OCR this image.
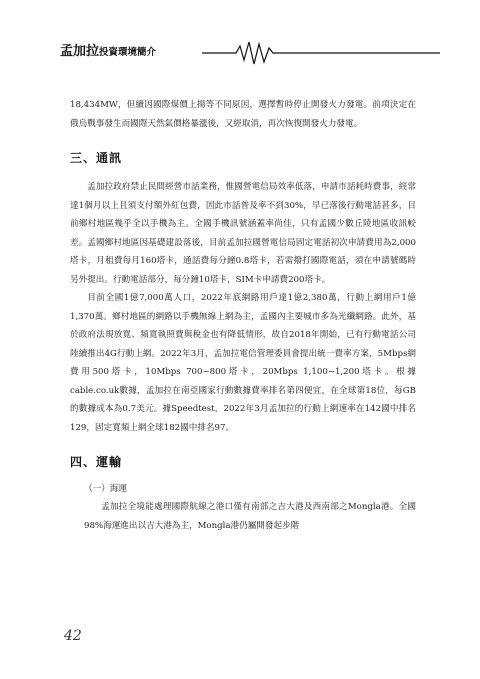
孟加拉投資環境簡介

18,434MW，但續因國際煤價上揚等不同原因，選擇暫時停止開發火力發電。前項決定在俄烏戰事發生而國際天然氣價格暴漲後，又經取消，再次恢復開發火力發電。

三、通訊

孟加拉政府禁止民間經營市話業務，惟國營電信局效率低落，申請市話耗時費事，經常達1個月以上且須支付額外紅包費，因此市話普及率不到30%，早已落後行動電話甚多，目前鄉村地區幾乎全以手機為主。全國手機訊號涵蓋率尚佳，只有孟國少數丘陵地區收訊較差。孟國鄉村地區因基礎建設落後，目前孟加拉國營電信局固定電話初次申請費用為2,000塔卡，月租費每月160塔卡，通話費每分鐘0.8塔卡，若需撥打國際電話，須在申請號碼時另外提出。行動電話部分，每分鐘10塔卡，SIM卡申請費200塔卡。

目前全國1億7,000萬人口，2022年底網路用戶達1億2,380萬，行動上網用戶1億1,370萬。鄉村地區的網路以手機無線上網為主，孟國內主要城市多為光纖網路。此外，基於政府法規放寬、頻寬執照費與稅金也有降低情形，故自2018年開始，已有行動電話公司陸續推出4G行動上網。2022年3月，孟加拉電信管理委員會提出統一費率方案，5Mbps網費用500塔卡，10Mbps 700~800塔卡，20Mbps 1,100~1,200塔卡。根據cable.co.uk數據，孟加拉在南亞國家行動數據費率排名第四便宜，在全球第18位，每GB的數據成本為0.7美元。據Speedtest，2022年3月孟加拉的行動上網速率在142國中排名129，固定寬頻上網全球182國中排名97。

四、運輸
（一）海運

孟加拉全境能處理國際航線之港口僅有南部之吉大港及西南部之Mongla港。全國98%海運進出以吉大港為主，Mongla港仍屬開發起步階

42
